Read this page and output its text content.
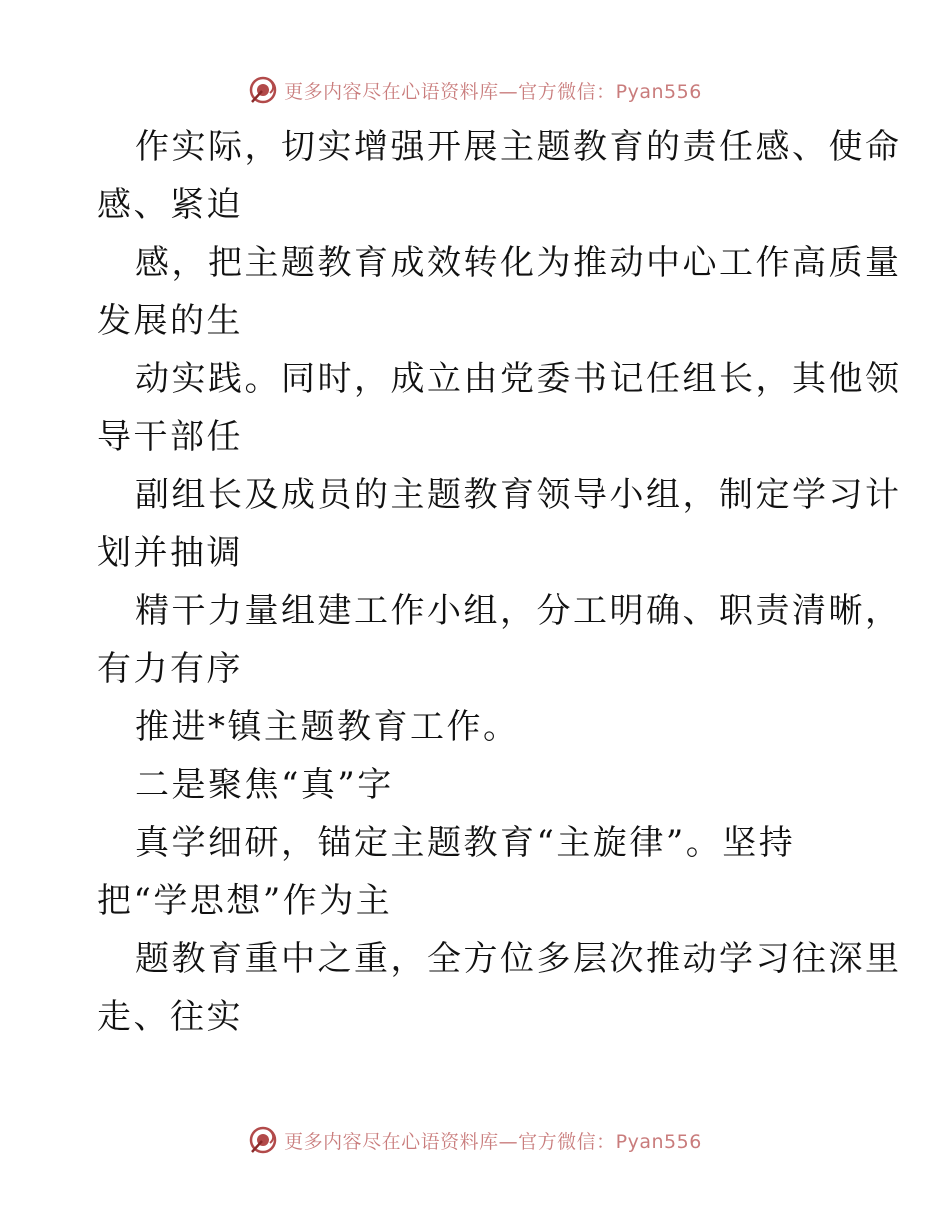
更多内容尽在心语资料库—官方微信：Pyan556
作实际，切实增强开展主题教育的责任感、使命
感、紧迫
感，把主题教育成效转化为推动中心工作高质量
发展的生
动实践。同时，成立由党委书记任组长，其他领
导干部任
副组长及成员的主题教育领导小组，制定学习计
划并抽调
精干力量组建工作小组，分工明确、职责清晰，
有力有序
推进*镇主题教育工作。
二是聚焦“真”字
真学细研，锚定主题教育“主旋律”。坚持
把“学思想”作为主
题教育重中之重，全方位多层次推动学习往深里
走、往实
更多内容尽在心语资料库—官方微信：Pyan556
